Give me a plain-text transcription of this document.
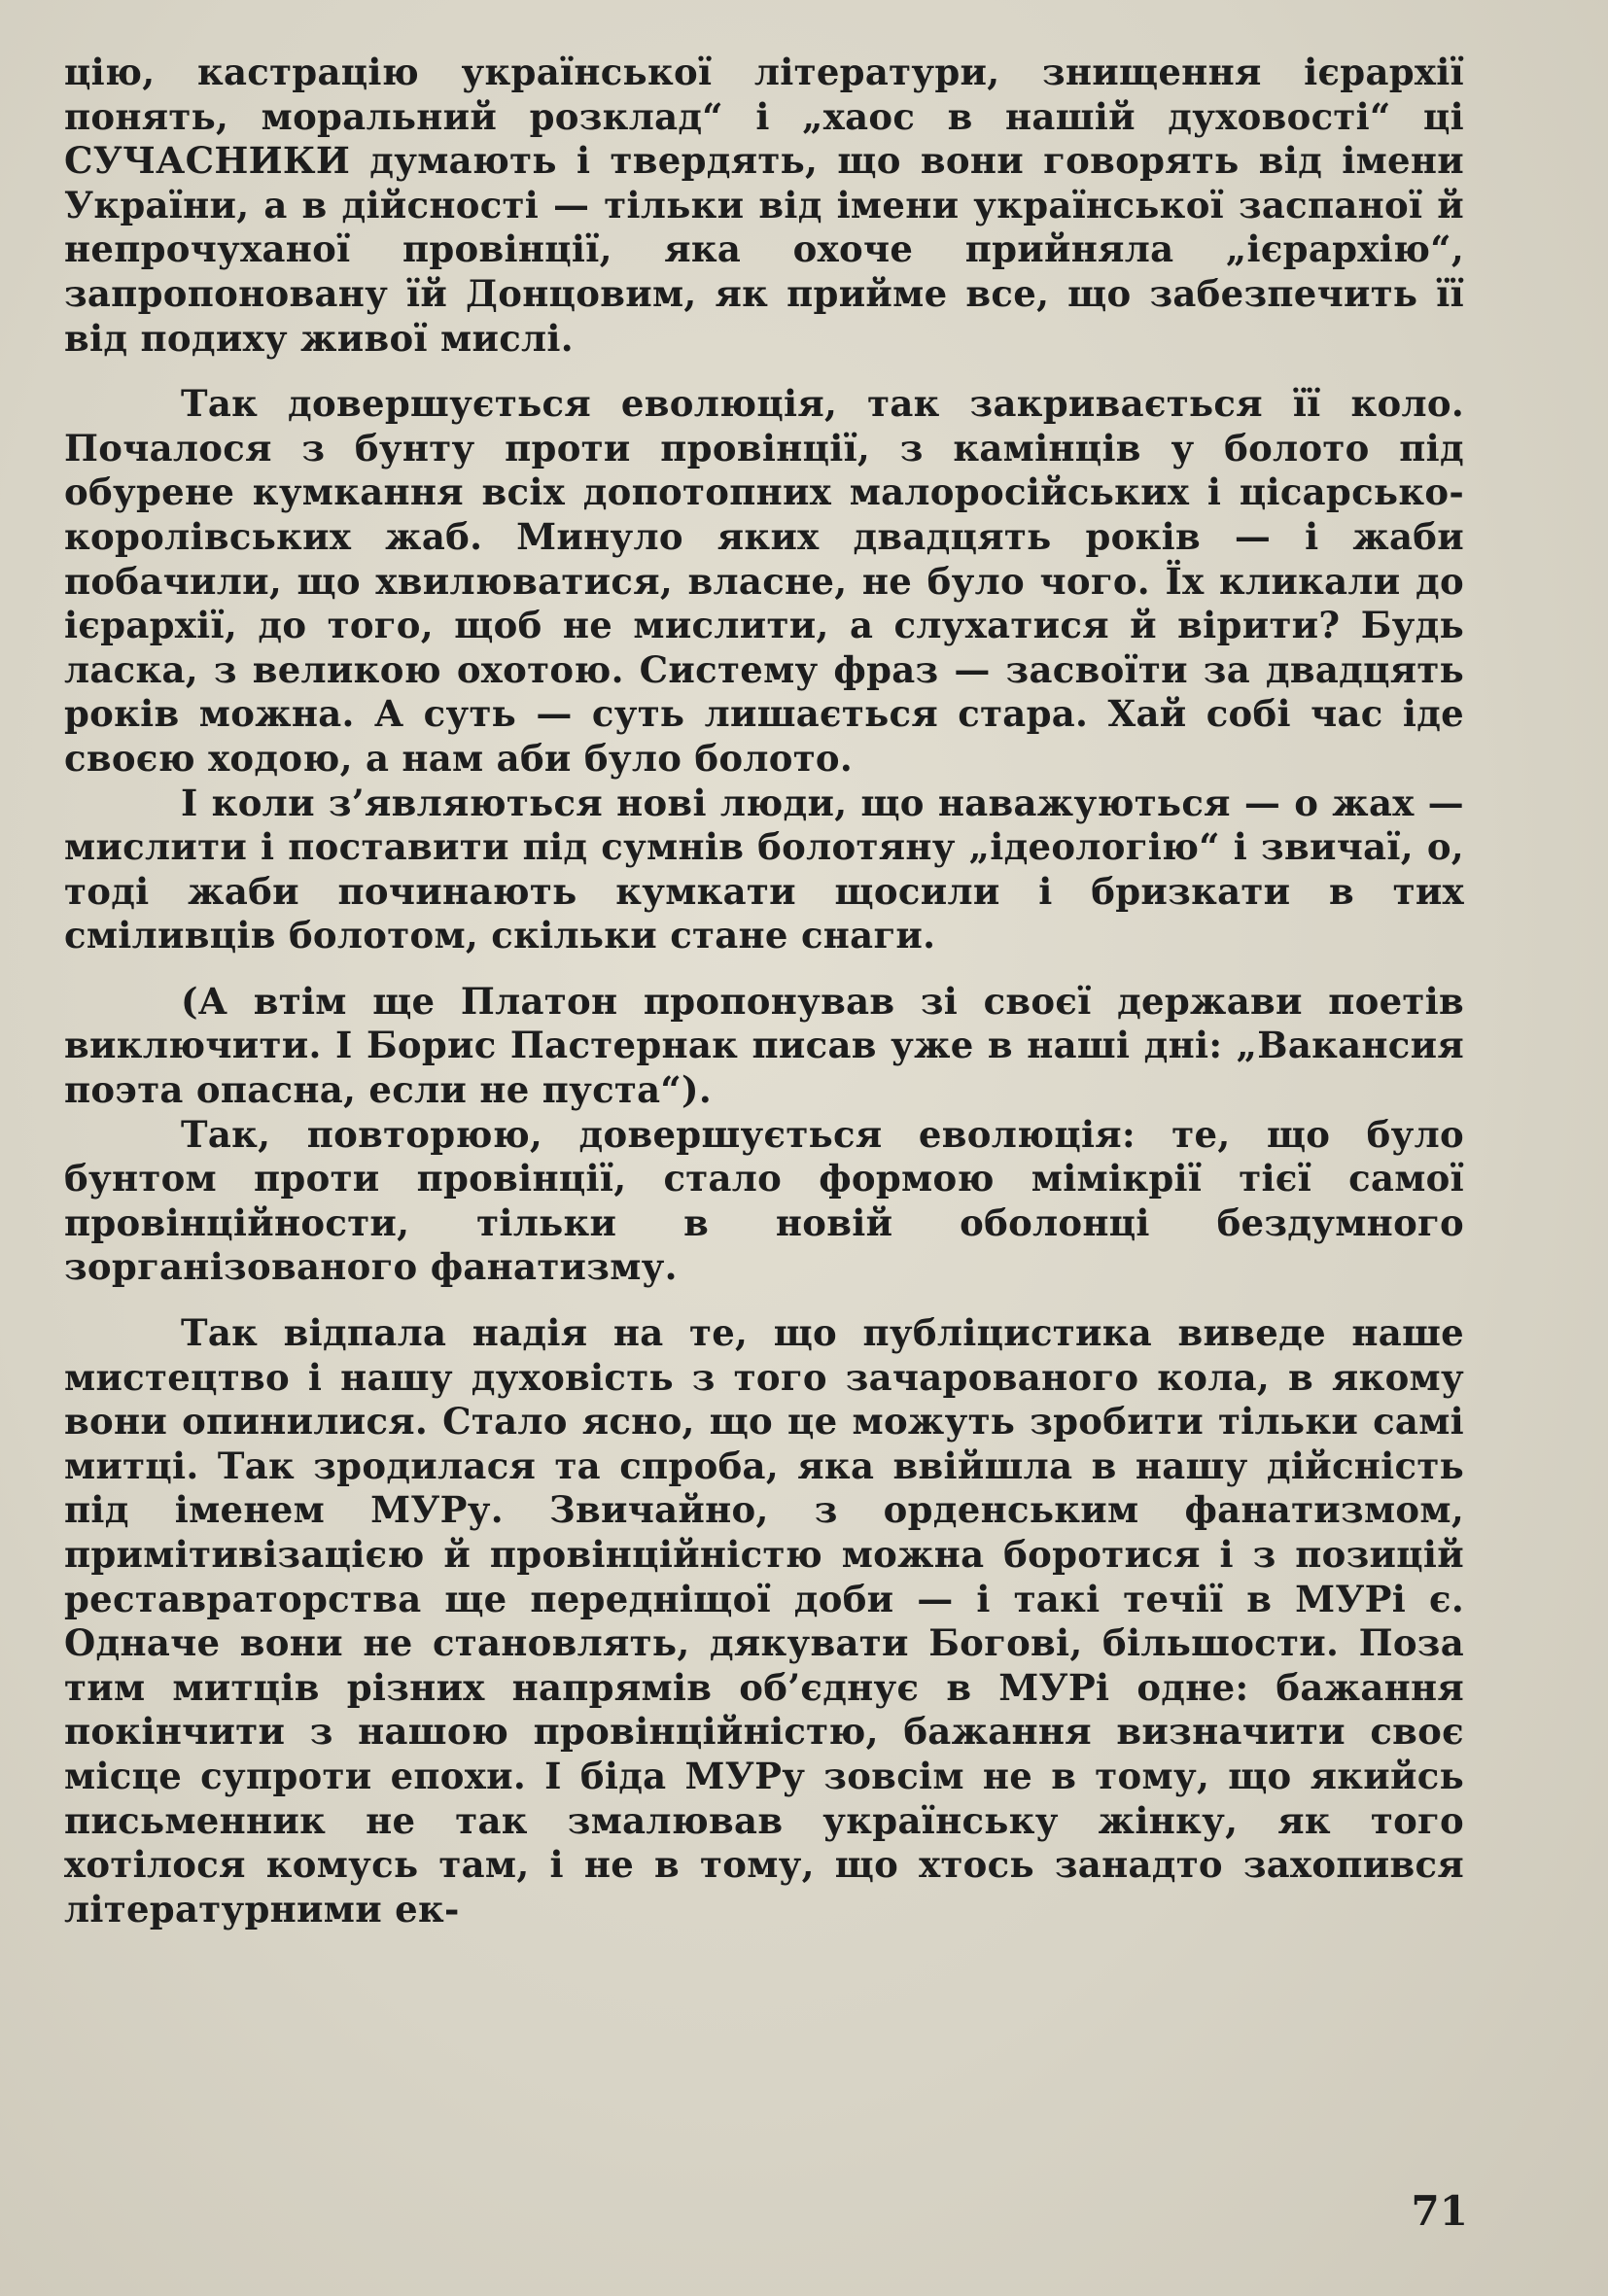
цію, кастрацію української літератури, знищення ієрархії понять, моральний розклад“ і „хаос в нашій духовості“ ці СУЧАСНИКИ думають і твердять, що вони говорять від імени України, а в дійсності — тільки від імени української заспаної й непрочуханої провінції, яка охоче прийняла „ієрархію“, запропоновану їй Донцовим, як прийме все, що забезпечить її від подиху живої мислі.

Так довершується еволюція, так закривається її коло. Почалося з бунту проти провінції, з камінців у болото під обурене кумкання всіх допотопних малоросійських і цісарсько-королівських жаб. Минуло яких двадцять років — і жаби побачили, що хвилюватися, власне, не було чого. Їх кликали до ієрархії, до того, щоб не мислити, а слухатися й вірити? Будь ласка, з великою охотою. Систему фраз — засвоїти за двадцять років можна. А суть — суть лишається стара. Хай собі час іде своєю ходою, а нам аби було болото.

І коли з’являються нові люди, що наважуються — о жах — мислити і поставити під сумнів болотяну „ідеологію“ і звичаї, о, тоді жаби починають кумкати щосили і бризкати в тих сміливців болотом, скільки стане снаги.

(А втім ще Платон пропонував зі своєї держави поетів виключити. І Борис Пастернак писав уже в наші дні: „Вакансия поэта опасна, если не пуста“).

Так, повторюю, довершується еволюція: те, що було бунтом проти провінції, стало формою мімікрії тієї самої провінційности, тільки в новій оболонці бездумного зорганізованого фанатизму.

Так відпала надія на те, що публіцистика виведе наше мистецтво і нашу духовість з того зачарованого кола, в якому вони опинилися. Стало ясно, що це можуть зробити тільки самі митці. Так зродилася та спроба, яка ввійшла в нашу дійсність під іменем МУРу. Звичайно, з орденським фанатизмом, примітивізацією й провінційністю можна боротися і з позицій реставраторства ще передніщої доби — і такі течії в МУРі є. Одначе вони не становлять, дякувати Богові, більшости. Поза тим митців різних напрямів об’єднує в МУРі одне: бажання покінчити з нашою провінційністю, бажання визначити своє місце супроти епохи. І біда МУРу зовсім не в тому, що якийсь письменник не так змалював українську жінку, як того хотілося комусь там, і не в тому, що хтось занадто захопився літературними ек-

71
